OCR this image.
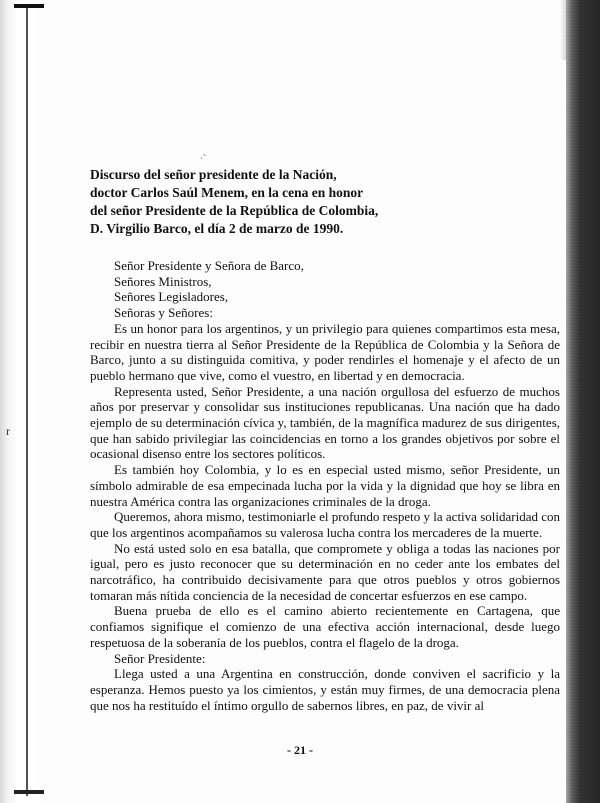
r
·˜
Discurso del señor presidente de la Nación,
doctor Carlos Saúl Menem, en la cena en honor
del señor Presidente de la República de Colombia,
D. Virgilio Barco, el día 2 de marzo de 1990.

Señor Presidente y Señora de Barco,

Señores Ministros,

Señores Legisladores,

Señoras y Señores:

Es un honor para los argentinos, y un privilegio para quienes compartimos esta mesa, recibir en nuestra tierra al Señor Presidente de la República de Colombia y la Señora de Barco, junto a su distinguida comitiva, y poder rendirles el homenaje y el afecto de un pueblo hermano que vive, como el vuestro, en libertad y en democracia.

Representa usted, Señor Presidente, a una nación orgullosa del esfuerzo de muchos años por preservar y consolidar sus instituciones republicanas. Una nación que ha dado ejemplo de su determinación cívica y, también, de la magnífica madurez de sus dirigentes, que han sabido privilegiar las coincidencias en torno a los grandes objetivos por sobre el ocasional disenso entre los sectores políticos.

Es también hoy Colombia, y lo es en especial usted mismo, señor Presidente, un símbolo admirable de esa empecinada lucha por la vida y la dignidad que hoy se libra en nuestra América contra las organizaciones criminales de la droga.

Queremos, ahora mismo, testimoniarle el profundo respeto y la activa solidaridad con que los argentinos acompañamos su valerosa lucha contra los mercaderes de la muerte.

No está usted solo en esa batalla, que compromete y obliga a todas las naciones por igual, pero es justo reconocer que su determinación en no ceder ante los embates del narcotráfico, ha contribuido decisivamente para que otros pueblos y otros gobiernos tomaran más nítida conciencia de la necesidad de concertar esfuerzos en ese campo.

Buena prueba de ello es el camino abierto recientemente en Cartagena, que confiamos signifique el comienzo de una efectiva acción internacional, desde luego respetuosa de la soberanía de los pueblos, contra el flagelo de la droga.

Señor Presidente:

Llega usted a una Argentina en construcción, donde conviven el sacrificio y la esperanza. Hemos puesto ya los cimientos, y están muy firmes, de una democracia plena que nos ha restituído el íntimo orgullo de sabernos libres, en paz, de vivir al

- 21 -
